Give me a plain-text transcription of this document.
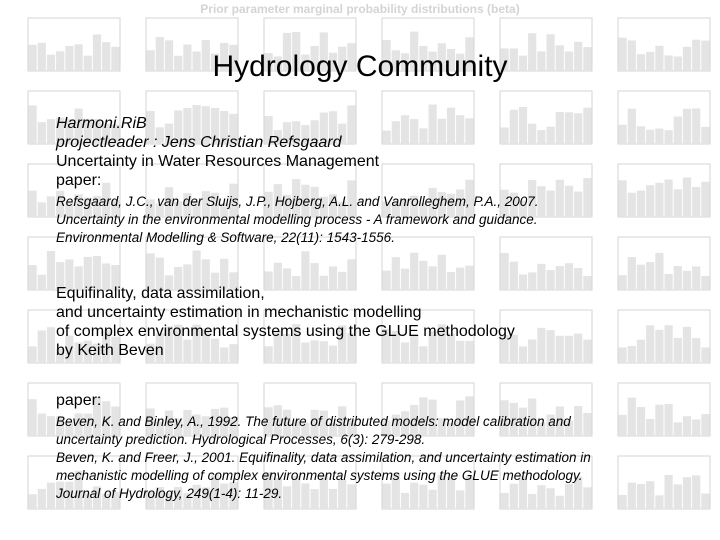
Prior parameter marginal probability distributions (beta)

Hydrology Community
Harmoni.RiB
projectleader : Jens Christian Refsgaard
Uncertainty in Water Resources Management
paper:
Refsgaard, J.C., van der Sluijs, J.P., Hojberg, A.L. and Vanrolleghem, P.A., 2007.
Uncertainty in the environmental modelling process - A framework and guidance.
Environmental Modelling & Software, 22(11): 1543-1556.
Equifinality, data assimilation,
and uncertainty estimation in mechanistic modelling
of complex environmental systems using the GLUE methodology
by Keith Beven
paper:
Beven, K. and Binley, A., 1992. The future of distributed models: model calibration and
uncertainty prediction. Hydrological Processes, 6(3): 279-298.
Beven, K. and Freer, J., 2001. Equifinality, data assimilation, and uncertainty estimation in
mechanistic modelling of complex environmental systems using the GLUE methodology.
Journal of Hydrology, 249(1-4): 11-29.
